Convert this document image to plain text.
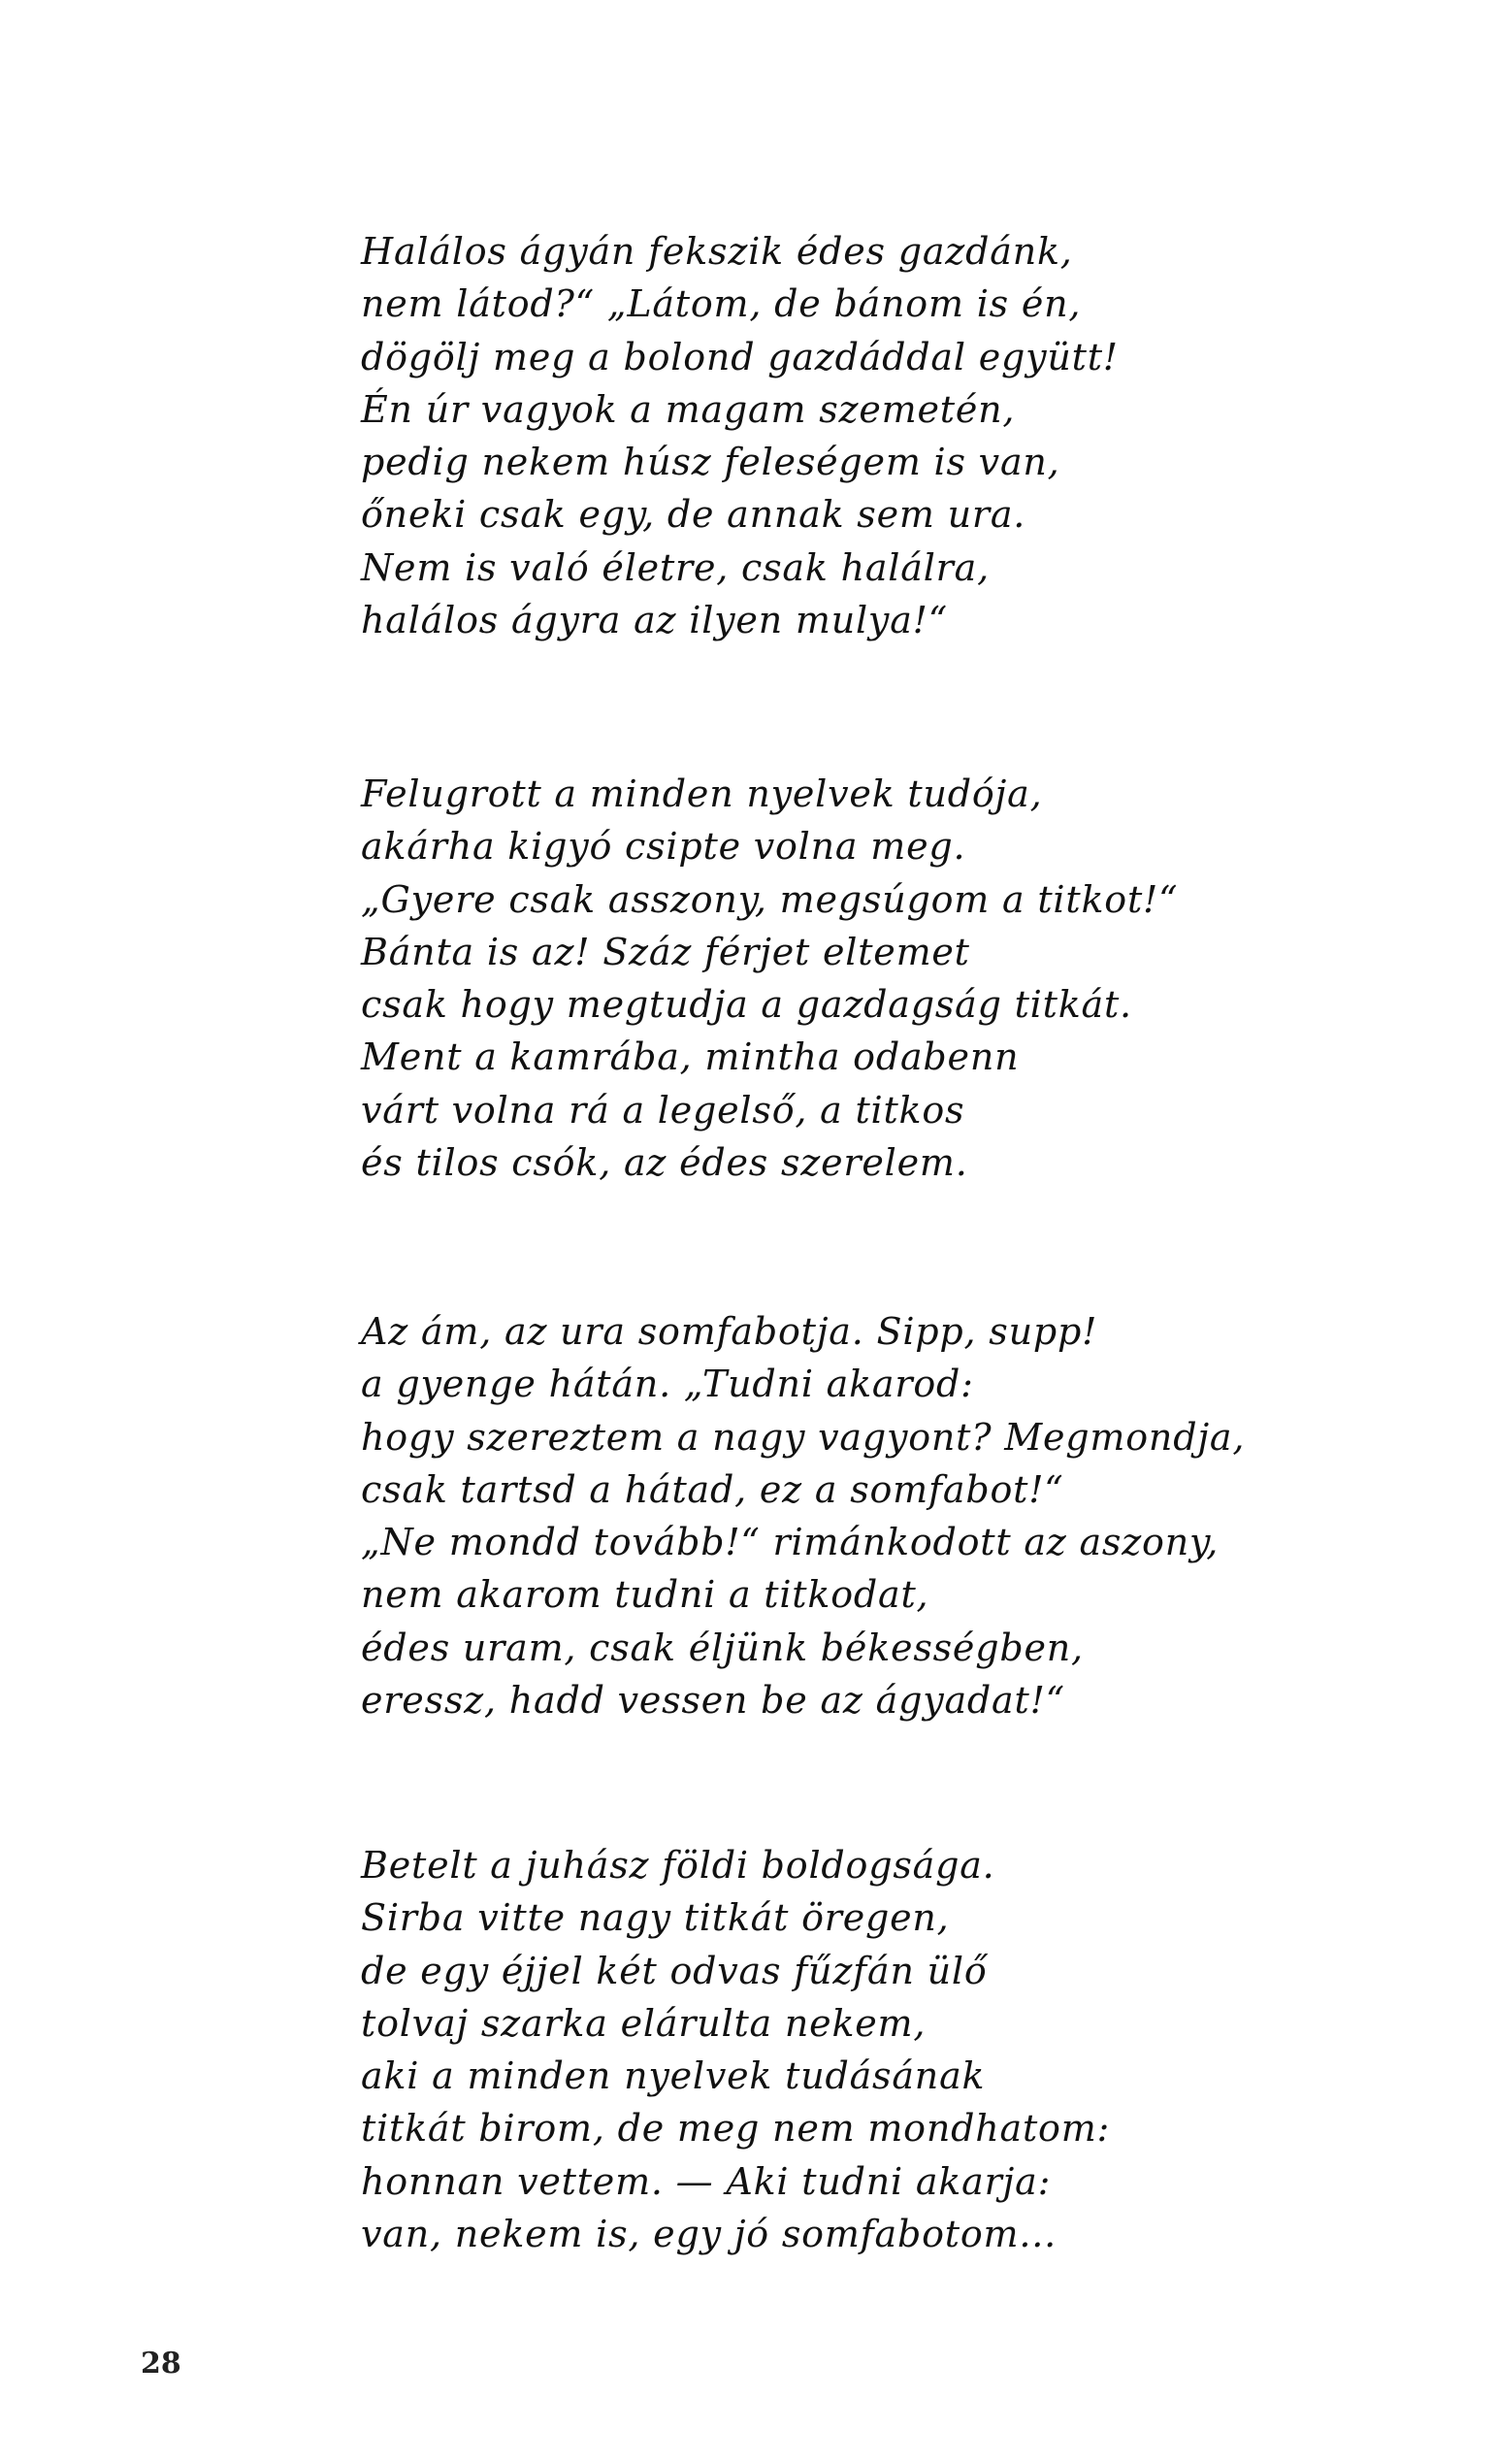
Halálos ágyán fekszik édes gazdánk,
nem látod?“ „Látom, de bánom is én,
dögölj meg a bolond gazdáddal együtt!
Én úr vagyok a magam szemetén,
pedig nekem húsz feleségem is van,
őneki csak egy, de annak sem ura.
Nem is való életre, csak halálra,
halálos ágyra az ilyen mulya!“
Felugrott a minden nyelvek tudója,
akárha kigyó csipte volna meg.
„Gyere csak asszony, megsúgom a titkot!“
Bánta is az! Száz férjet eltemet
csak hogy megtudja a gazdagság titkát.
Ment a kamrába, mintha odabenn
várt volna rá a legelső, a titkos
és tilos csók, az édes szerelem.
Az ám, az ura somfabotja. Sipp, supp!
a gyenge hátán. „Tudni akarod:
hogy szereztem a nagy vagyont? Megmondja,
csak tartsd a hátad, ez a somfabot!“
„Ne mondd tovább!“ rimánkodott az aszony,
nem akarom tudni a titkodat,
édes uram, csak éljünk békességben,
eressz, hadd vessen be az ágyadat!“
Betelt a juhász földi boldogsága.
Sirba vitte nagy titkát öregen,
de egy éjjel két odvas fűzfán ülő
tolvaj szarka elárulta nekem,
aki a minden nyelvek tudásának
titkát birom, de meg nem mondhatom:
honnan vettem. — Aki tudni akarja:
van, nekem is, egy jó somfabotom...
28
